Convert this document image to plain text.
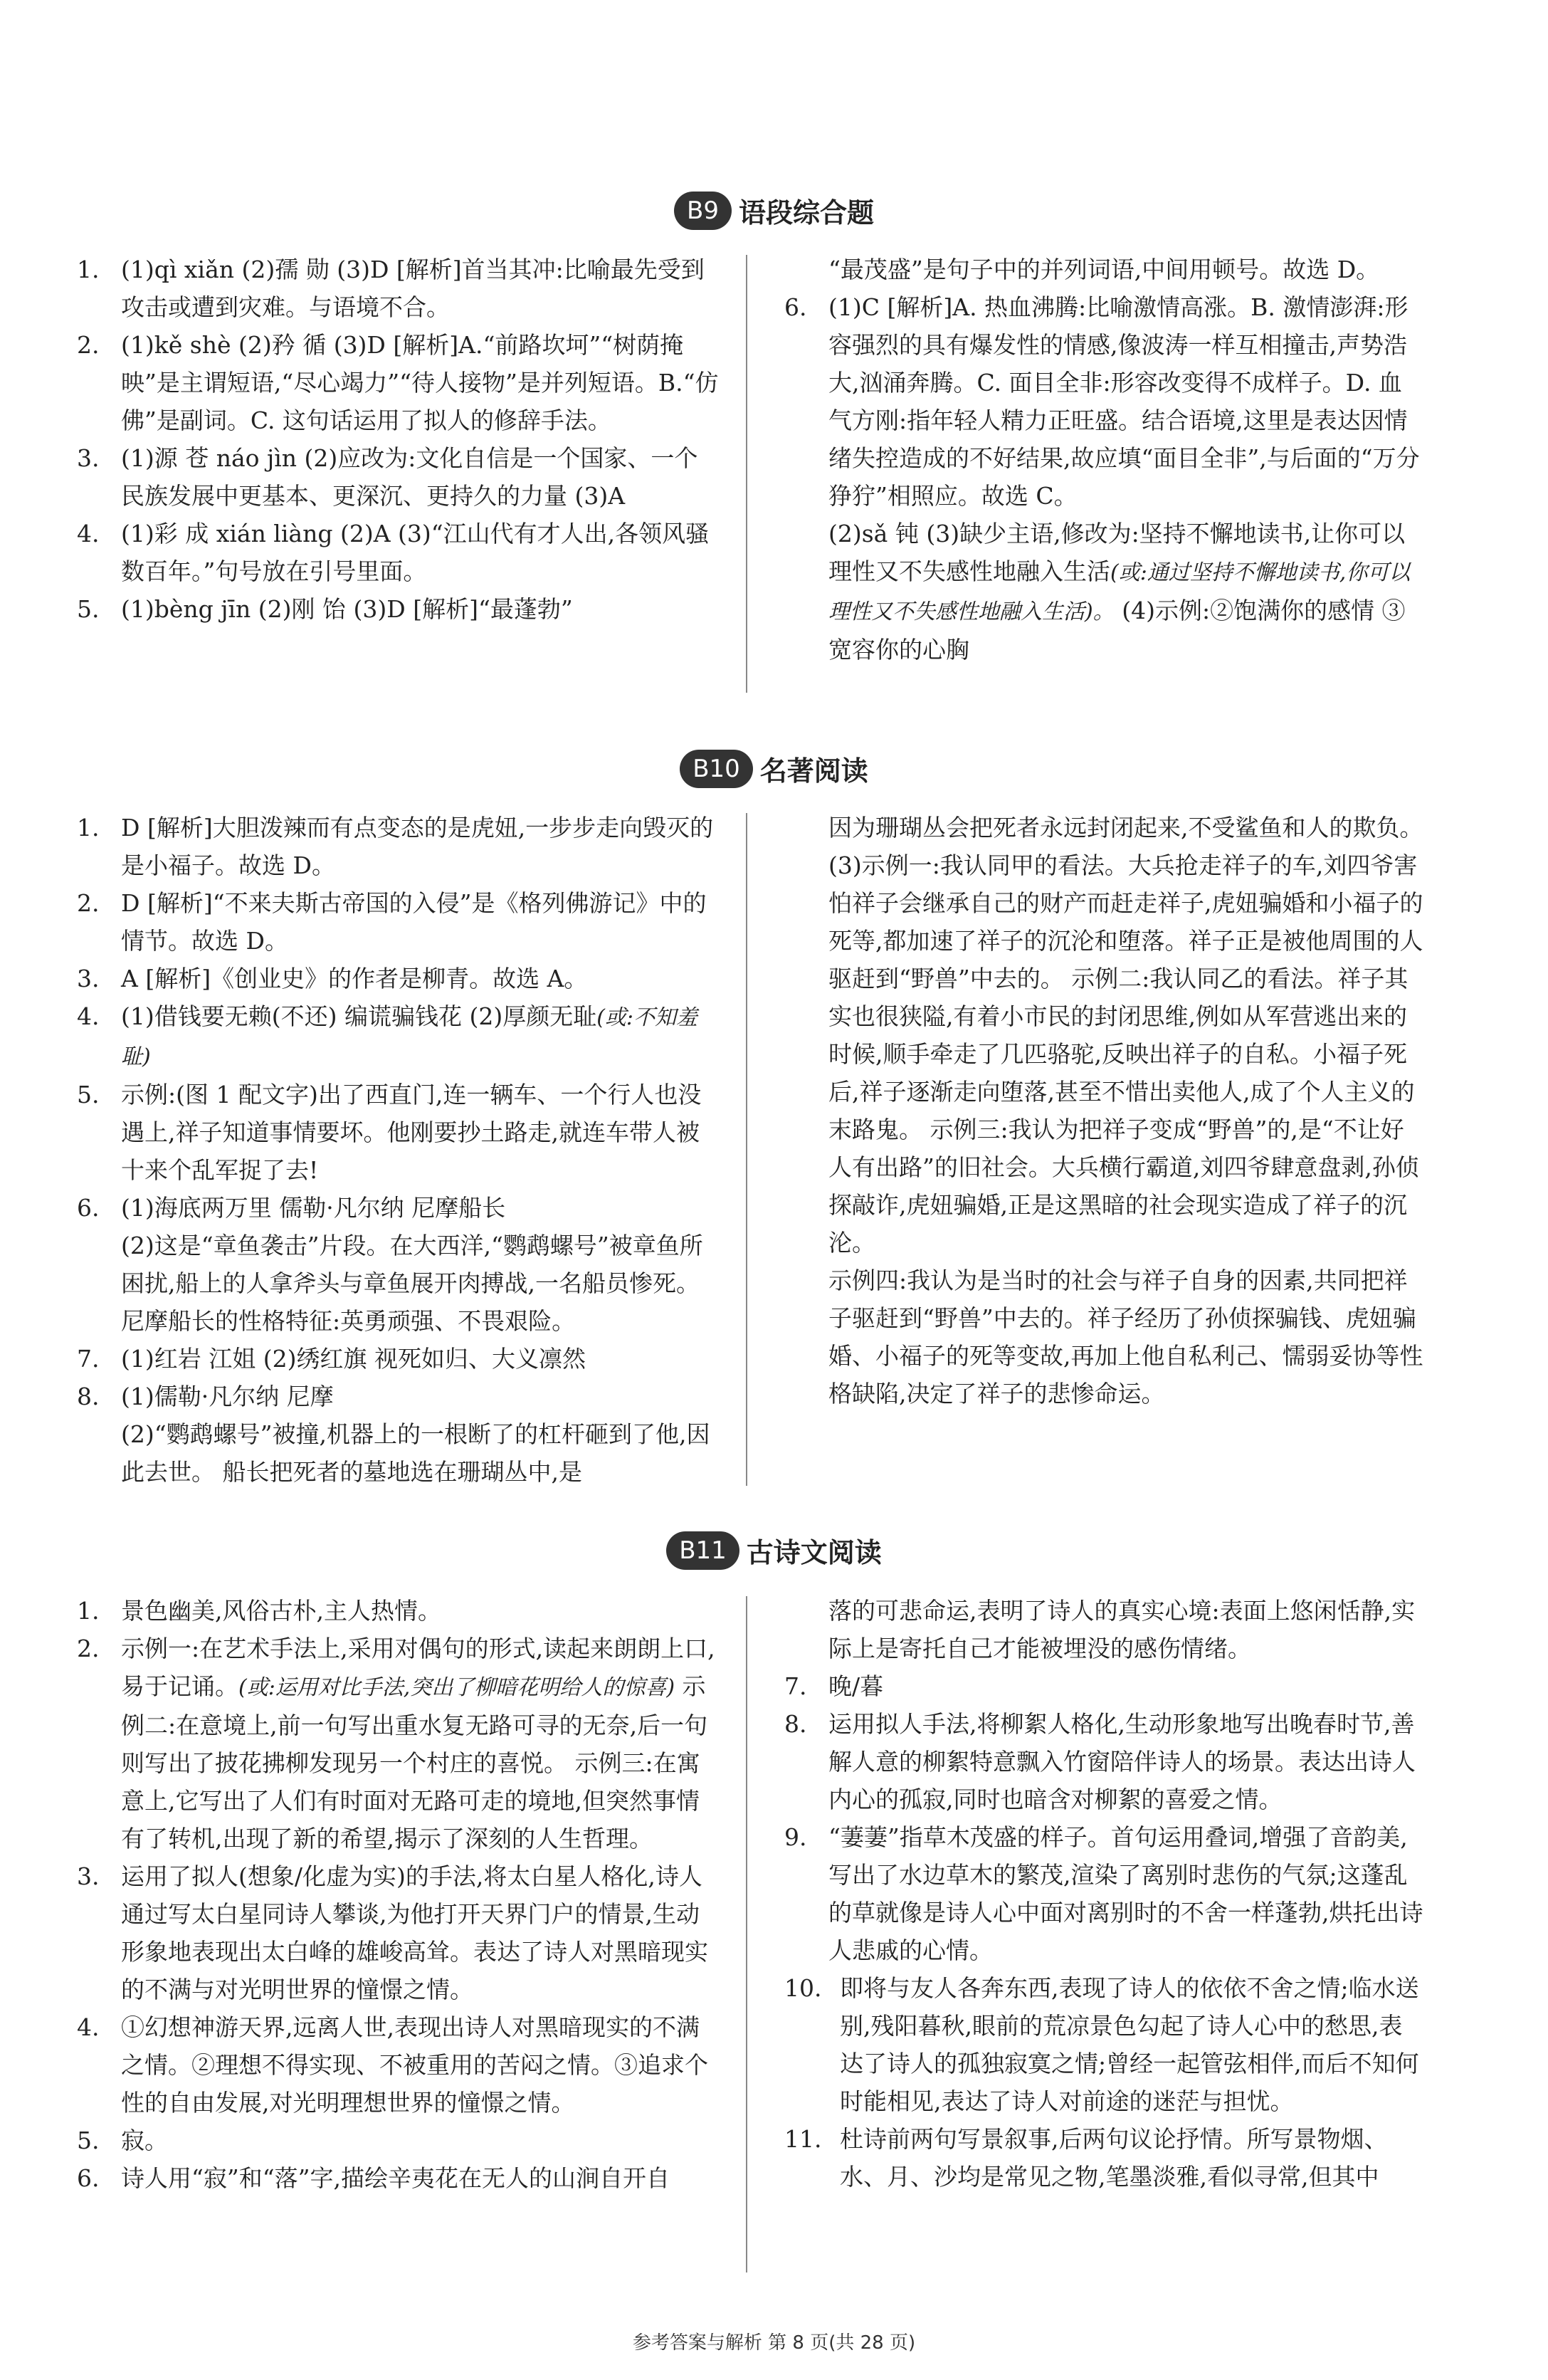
B9 语段综合题

1. (1)qì xiǎn (2)孺 勋 (3)D [解析]首当其冲:比喻最先受到攻击或遭到灾难。与语境不合。

2. (1)kě shè (2)矜 循 (3)D [解析]A.“前路坎坷”“树荫掩映”是主谓短语,“尽心竭力”“待人接物”是并列短语。B.“仿佛”是副词。C. 这句话运用了拟人的修辞手法。

3. (1)源 苍 náo jìn (2)应改为:文化自信是一个国家、一个民族发展中更基本、更深沉、更持久的力量 (3)A

4. (1)彩 成 xián liàng (2)A (3)“江山代有才人出,各领风骚数百年。”句号放在引号里面。

5. (1)bèng jīn (2)刚 饴 (3)D [解析]“最蓬勃”

“最茂盛”是句子中的并列词语,中间用顿号。故选 D。

6. (1)C [解析]A. 热血沸腾:比喻激情高涨。B. 激情澎湃:形容强烈的具有爆发性的情感,像波涛一样互相撞击,声势浩大,汹涌奔腾。C. 面目全非:形容改变得不成样子。D. 血气方刚:指年轻人精力正旺盛。结合语境,这里是表达因情绪失控造成的不好结果,故应填“面目全非”,与后面的“万分狰狞”相照应。故选 C。

(2)sǎ 钝 (3)缺少主语,修改为:坚持不懈地读书,让你可以理性又不失感性地融入生活(或:通过坚持不懈地读书,你可以理性又不失感性地融入生活)。 (4)示例:②饱满你的感情 ③宽容你的心胸

B10 名著阅读

1. D [解析]大胆泼辣而有点变态的是虎妞,一步步走向毁灭的是小福子。故选 D。

2. D [解析]“不来夫斯古帝国的入侵”是《格列佛游记》中的情节。故选 D。

3. A [解析]《创业史》的作者是柳青。故选 A。

4. (1)借钱要无赖(不还) 编谎骗钱花 (2)厚颜无耻(或:不知羞耻)

5. 示例:(图 1 配文字)出了西直门,连一辆车、一个行人也没遇上,祥子知道事情要坏。他刚要抄土路走,就连车带人被十来个乱军捉了去!

6. (1)海底两万里 儒勒·凡尔纳 尼摩船长

(2)这是“章鱼袭击”片段。在大西洋,“鹦鹉螺号”被章鱼所困扰,船上的人拿斧头与章鱼展开肉搏战,一名船员惨死。尼摩船长的性格特征:英勇顽强、不畏艰险。

7. (1)红岩 江姐 (2)绣红旗 视死如归、大义凛然

8. (1)儒勒·凡尔纳 尼摩

(2)“鹦鹉螺号”被撞,机器上的一根断了的杠杆砸到了他,因此去世。 船长把死者的墓地选在珊瑚丛中,是

因为珊瑚丛会把死者永远封闭起来,不受鲨鱼和人的欺负。

(3)示例一:我认同甲的看法。大兵抢走祥子的车,刘四爷害怕祥子会继承自己的财产而赶走祥子,虎妞骗婚和小福子的死等,都加速了祥子的沉沦和堕落。祥子正是被他周围的人驱赶到“野兽”中去的。 示例二:我认同乙的看法。祥子其实也很狭隘,有着小市民的封闭思维,例如从军营逃出来的时候,顺手牵走了几匹骆驼,反映出祥子的自私。小福子死后,祥子逐渐走向堕落,甚至不惜出卖他人,成了个人主义的末路鬼。 示例三:我认为把祥子变成“野兽”的,是“不让好人有出路”的旧社会。大兵横行霸道,刘四爷肆意盘剥,孙侦探敲诈,虎妞骗婚,正是这黑暗的社会现实造成了祥子的沉沦。

示例四:我认为是当时的社会与祥子自身的因素,共同把祥子驱赶到“野兽”中去的。祥子经历了孙侦探骗钱、虎妞骗婚、小福子的死等变故,再加上他自私利己、懦弱妥协等性格缺陷,决定了祥子的悲惨命运。

B11 古诗文阅读

1. 景色幽美,风俗古朴,主人热情。

2. 示例一:在艺术手法上,采用对偶句的形式,读起来朗朗上口,易于记诵。(或:运用对比手法,突出了柳暗花明给人的惊喜) 示例二:在意境上,前一句写出重水复无路可寻的无奈,后一句则写出了披花拂柳发现另一个村庄的喜悦。 示例三:在寓意上,它写出了人们有时面对无路可走的境地,但突然事情有了转机,出现了新的希望,揭示了深刻的人生哲理。

3. 运用了拟人(想象/化虚为实)的手法,将太白星人格化,诗人通过写太白星同诗人攀谈,为他打开天界门户的情景,生动形象地表现出太白峰的雄峻高耸。表达了诗人对黑暗现实的不满与对光明世界的憧憬之情。

4. ①幻想神游天界,远离人世,表现出诗人对黑暗现实的不满之情。②理想不得实现、不被重用的苦闷之情。③追求个性的自由发展,对光明理想世界的憧憬之情。

5. 寂。

6. 诗人用“寂”和“落”字,描绘辛夷花在无人的山涧自开自

落的可悲命运,表明了诗人的真实心境:表面上悠闲恬静,实际上是寄托自己才能被埋没的感伤情绪。

7. 晚/暮

8. 运用拟人手法,将柳絮人格化,生动形象地写出晚春时节,善解人意的柳絮特意飘入竹窗陪伴诗人的场景。表达出诗人内心的孤寂,同时也暗含对柳絮的喜爱之情。

9. “萋萋”指草木茂盛的样子。首句运用叠词,增强了音韵美,写出了水边草木的繁茂,渲染了离别时悲伤的气氛;这蓬乱的草就像是诗人心中面对离别时的不舍一样蓬勃,烘托出诗人悲戚的心情。

10. 即将与友人各奔东西,表现了诗人的依依不舍之情;临水送别,残阳暮秋,眼前的荒凉景色勾起了诗人心中的愁思,表达了诗人的孤独寂寞之情;曾经一起管弦相伴,而后不知何时能相见,表达了诗人对前途的迷茫与担忧。

11. 杜诗前两句写景叙事,后两句议论抒情。所写景物烟、水、月、沙均是常见之物,笔墨淡雅,看似寻常,但其中

参考答案与解析 第 8 页(共 28 页)
